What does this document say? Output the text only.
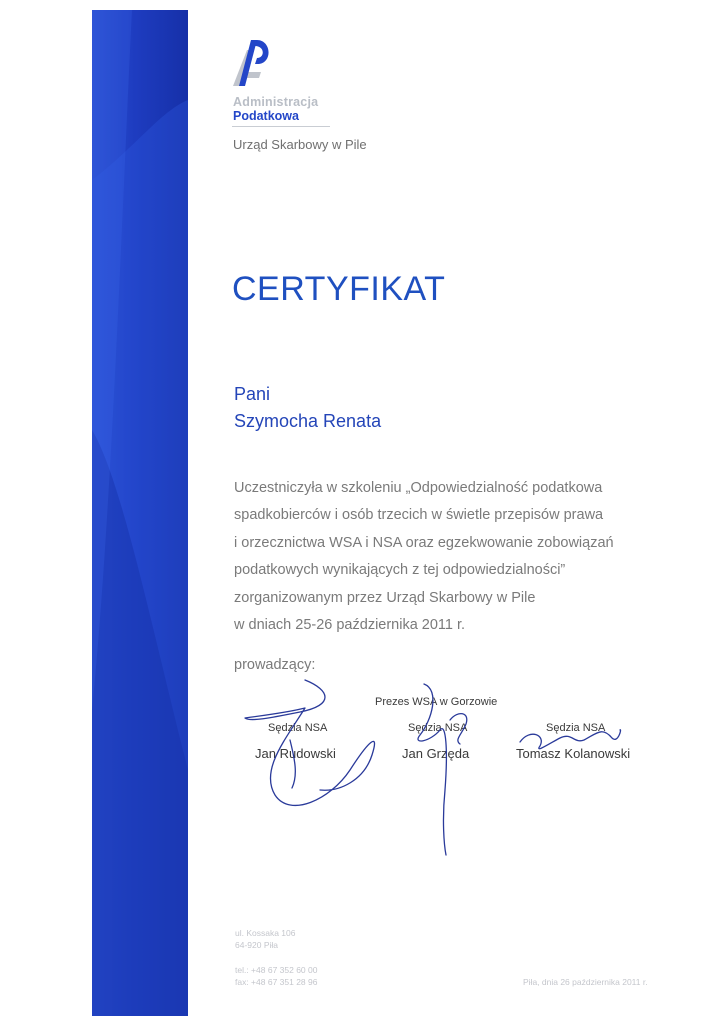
Administracja
Podatkowa
Urząd Skarbowy w Pile
CERTYFIKAT
Pani
Szymocha Renata
Uczestniczyła w szkoleniu „Odpowiedzialność podatkowa
spadkobierców i osób trzecich w świetle przepisów prawa
i orzecznictwa WSA i NSA oraz egzekwowanie zobowiązań
podatkowych wynikających z tej odpowiedzialności”
zorganizowanym przez Urząd Skarbowy w Pile
w dniach 25-26 października 2011 r.
prowadzący:
Sędzia NSA
Jan Rudowski
Prezes WSA w Gorzowie
Sędzia NSA
Jan Grzęda
Sędzia NSA
Tomasz Kolanowski
ul. Kossaka 106
64-920 Piła
tel.: +48 67 352 60 00
fax: +48 67 351 28 96	Piła, dnia 26 października 2011 r.
